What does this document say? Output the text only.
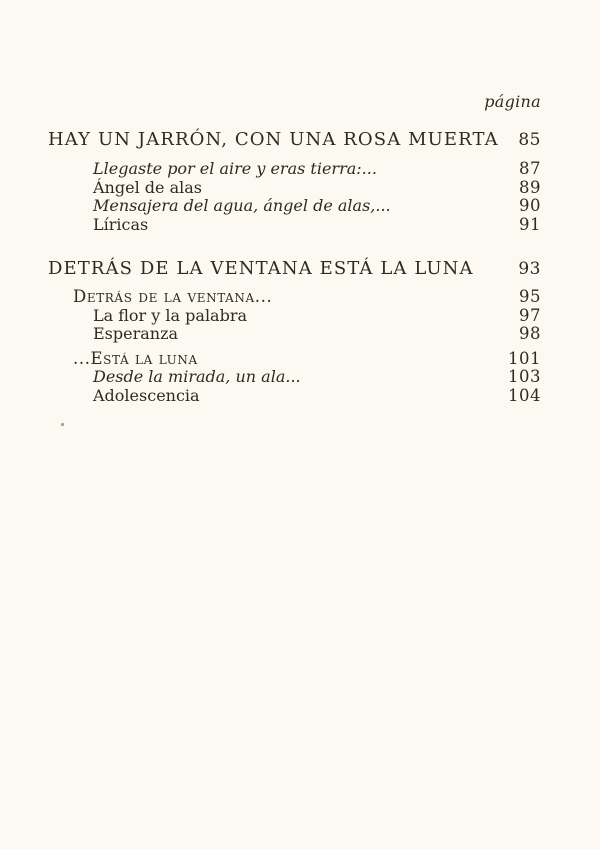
página
HAY UN JARRÓN, CON UNA ROSA MUERTA 85
Llegaste por el aire y eras tierra:...	87
Ángel de alas	89
Mensajera del agua, ángel de alas,...	90
Líricas	91
DETRÁS DE LA VENTANA ESTÁ LA LUNA	93
Detrás de la ventana...	95
La flor y la palabra	97
Esperanza	98
...Está la luna	101
Desde la mirada, un ala...	103
Adolescencia	104
